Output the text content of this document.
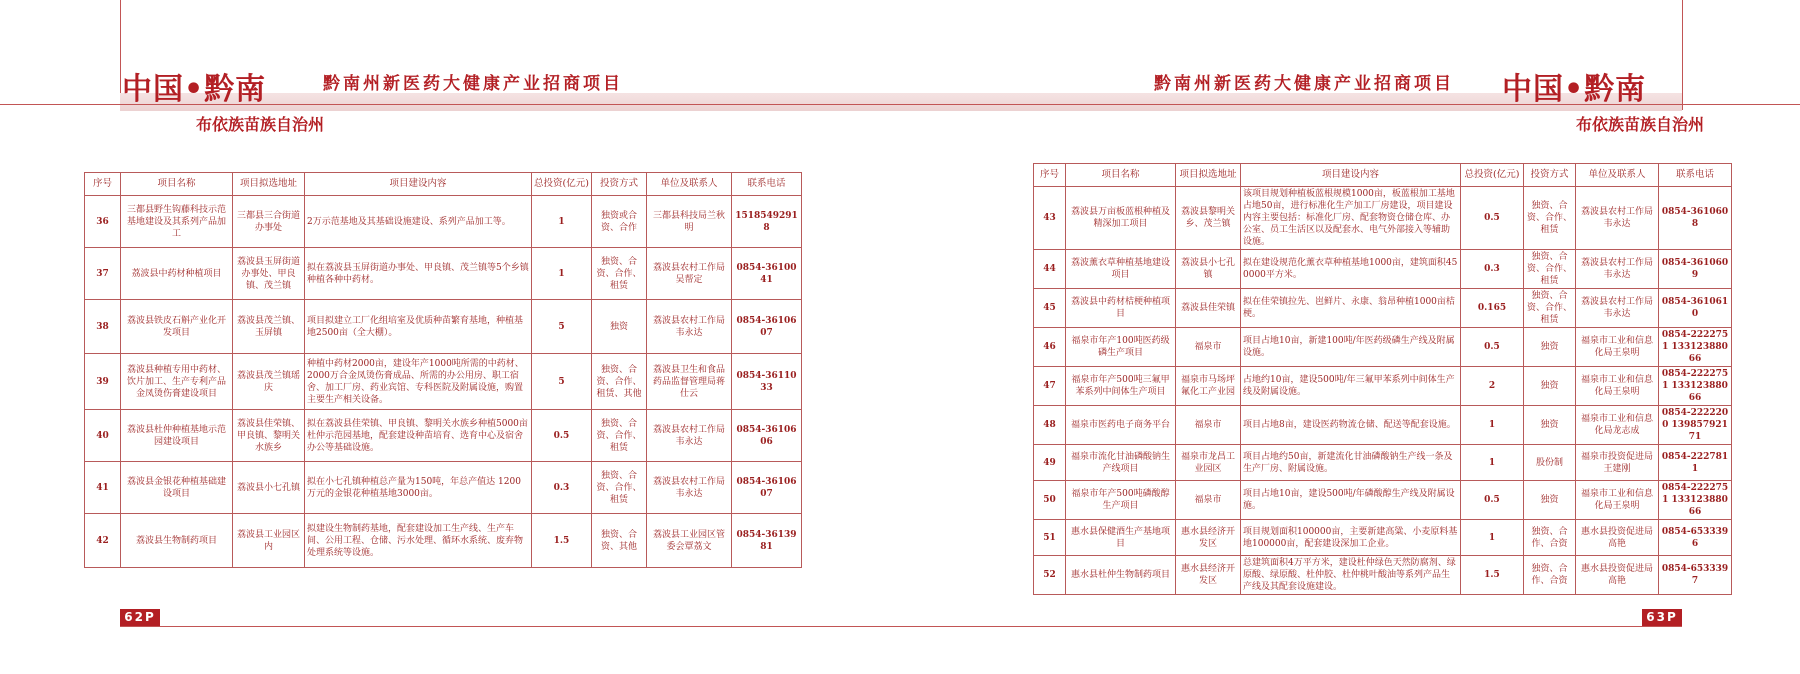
中国•黔南	黔南州新医药大健康产业招商项目
布依族苗族自治州
序号	项目名称	项目拟选地址	项目建设内容	总投资(亿元)	投资方式	单位及联系人	联系电话
36	三都县野生钩藤科技示范基地建设及其系列产品加工	三都县三合街道办事处	2万示范基地及其基础设施建设、系列产品加工等。	1	独资或合资、合作	三都县科技局兰秋明	15185492918
37	荔波县中药材种植项目	荔波县玉屏街道办事处、甲良镇、茂兰镇	拟在荔波县玉屏街道办事处、甲良镇、茂兰镇等5个乡镇种植各种中药材。	1	独资、合资、合作、租赁	荔波县农村工作局吴帮定	0854-3610041
38	荔波县铁皮石斛产业化开发项目	荔波县茂兰镇、玉屏镇	项目拟建立工厂化组培室及优质种苗繁育基地，种植基地2500亩（全大棚）。	5	独资	荔波县农村工作局韦永达	0854-3610607
39	荔波县种植专用中药材、饮片加工、生产专利产品金凤烫伤膏建设项目	荔波县茂兰镇瑶庆	种植中药材2000亩，建设年产1000吨所需的中药材、2000万合金凤烫伤膏成品、所需的办公用房、职工宿舍、加工厂房、药业宾馆、专科医院及附属设施，购置主要生产相关设备。	5	独资、合资、合作、租赁、其他	荔波县卫生和食品药品监督管理局蒋仕云	0854-3611033
40	荔波县杜仲种植基地示范园建设项目	荔波县佳荣镇、甲良镇、黎明关水族乡	拟在荔波县佳荣镇、甲良镇、黎明关水族乡种植5000亩杜仲示范园基地，配套建设种苗培育、选育中心及宿舍办公等基础设施。	0.5	独资、合资、合作、租赁	荔波县农村工作局韦永达	0854-3610606
41	荔波县金银花种植基础建设项目	荔波县小七孔镇	拟在小七孔镇种植总产量为150吨，年总产值达 1200万元的金银花种植基地3000亩。	0.3	独资、合资、合作、租赁	荔波县农村工作局韦永达	0854-3610607
42	荔波县生物制药项目	荔波县工业园区内	拟建设生物制药基地，配套建设加工生产线、生产车间、公用工程、仓储、污水处理、循环水系统、废弃物处理系统等设施。	1.5	独资、合资、其他	荔波县工业园区管委会覃荔文	0854-3613981
62P
黔南州新医药大健康产业招商项目 中国•黔南
布依族苗族自治州
序号	项目名称	项目拟选地址	项目建设内容	总投资(亿元)	投资方式	单位及联系人	联系电话
43	荔波县万亩板蓝根种植及精深加工项目	荔波县黎明关乡、茂兰镇	该项目规划种植板蓝根规模1000亩，板蓝根加工基地占地50亩，进行标准化生产加工厂房建设，项目建设内容主要包括：标准化厂房、配套物资仓储仓库、办公室、员工生活区以及配套水、电气外部接入等辅助设施。	0.5	独资、合资、合作、租赁	荔波县农村工作局韦永达	0854-3610608
44	荔波薰衣草种植基地建设项目	荔波县小七孔镇	拟在建设规范化薰衣草种植基地1000亩，建筑面积450000平方米。	0.3	独资、合资、合作、租赁	荔波县农村工作局韦永达	0854-3610609
45	荔波县中药材桔梗种植项目	荔波县佳荣镇	拟在佳荣镇拉先、岜鲜片、永康、翁昂种植1000亩桔梗。	0.165	独资、合资、合作、租赁	荔波县农村工作局韦永达	0854-3610610
46	福泉市年产100吨医药级磷生产项目	福泉市	项目占地10亩，新建100吨/年医药级磷生产线及附属设施。	0.5	独资	福泉市工业和信息化局王泉明	0854-2222751 13312388066
47	福泉市年产500吨三氟甲苯系列中间体生产项目	福泉市马场坪氟化工产业园	占地约10亩，建设500吨/年三氟甲苯系列中间体生产线及附属设施。	2	独资	福泉市工业和信息化局王泉明	0854-2222751 13312388066
48	福泉市医药电子商务平台	福泉市	项目占地8亩，建设医药物流仓储、配送等配套设施。	1	独资	福泉市工业和信息化局龙志成	0854-2222200 13985792171
49	福泉市流化甘油磷酸钠生产线项目	福泉市龙昌工业园区	项目占地约50亩，新建流化甘油磷酸钠生产线一条及生产厂房、附属设施。	1	股份制	福泉市投资促进局王建刚	0854-2227811
50	福泉市年产500吨磷酸醇生产项目	福泉市	项目占地10亩，建设500吨/年磷酸醇生产线及附属设施。	0.5	独资	福泉市工业和信息化局王泉明	0854-2222751 13312388066
51	惠水县保健酒生产基地项目	惠水县经济开发区	项目规划面积100000亩，主要新建高粱、小麦原料基地100000亩，配套建设深加工企业。	1	独资、合作、合资	惠水县投资促进局高艳	0854-6533396
52	惠水县杜仲生物制药项目	惠水县经济开发区	总建筑面积4万平方米，建设杜仲绿色天然防腐剂、绿原酸、绿原酸、杜仲胶、杜仲桃叶酸油等系列产品生产线及其配套设施建设。	1.5	独资、合作、合资	惠水县投资促进局高艳	0854-6533397
63P
